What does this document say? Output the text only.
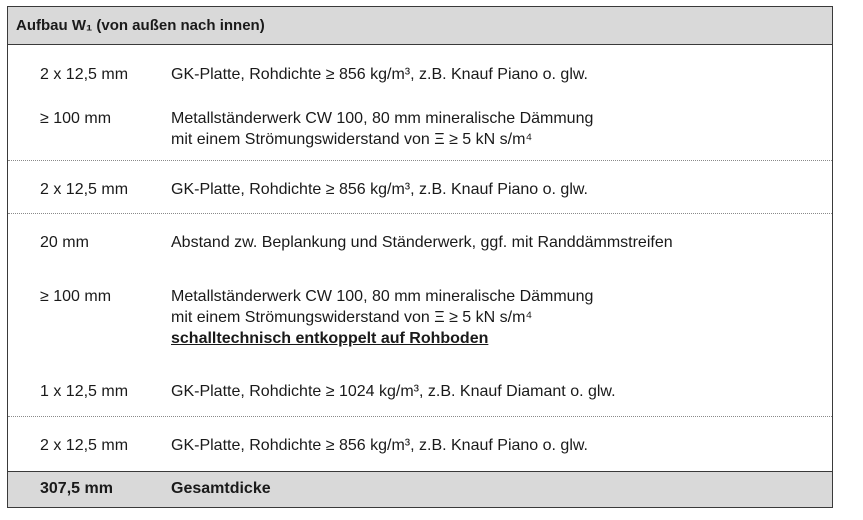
Aufbau W₁ (von außen nach innen)
2 x 12,5 mm	GK-Platte, Rohdichte ≥ 856 kg/m³, z.B. Knauf Piano o. glw.
≥ 100 mm	Metallständerwerk CW 100, 80 mm mineralische Dämmung
mit einem Strömungswiderstand von Ξ ≥ 5 kN s/m⁴
2 x 12,5 mm	GK-Platte, Rohdichte ≥ 856 kg/m³, z.B. Knauf Piano o. glw.
20 mm	Abstand zw. Beplankung und Ständerwerk, ggf. mit Randdämmstreifen
≥ 100 mm	Metallständerwerk CW 100, 80 mm mineralische Dämmung
mit einem Strömungswiderstand von Ξ ≥ 5 kN s/m⁴
schalltechnisch entkoppelt auf Rohboden
1 x 12,5 mm	GK-Platte, Rohdichte ≥ 1024 kg/m³, z.B. Knauf Diamant o. glw.
2 x 12,5 mm	GK-Platte, Rohdichte ≥ 856 kg/m³, z.B. Knauf Piano o. glw.
307,5 mm	Gesamtdicke
